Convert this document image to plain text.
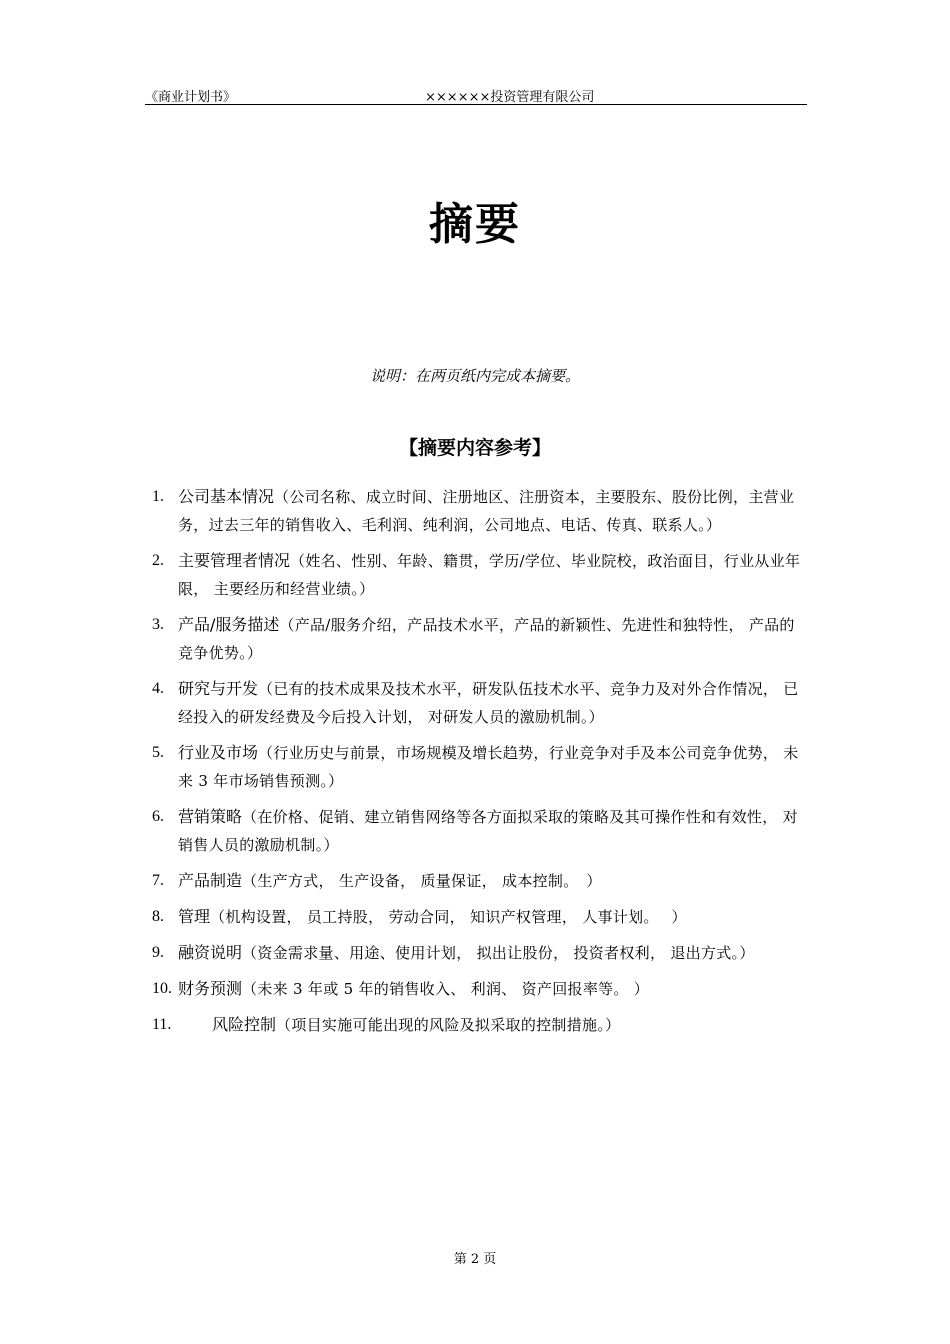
《商业计划书》	××××××投资管理有限公司
摘要
说明：在两页纸内完成本摘要。
【摘要内容参考】
1. 公司基本情况（公司名称、成立时间、注册地区、注册资本，主要股东、股份比例，主营业务，过去三年的销售收入、毛利润、纯利润，公司地点、电话、传真、联系人。）
2. 主要管理者情况（姓名、性别、年龄、籍贯，学历/学位、毕业院校，政治面目，行业从业年限， 主要经历和经营业绩。）
3. 产品/服务描述（产品/服务介绍，产品技术水平，产品的新颖性、先进性和独特性， 产品的竞争优势。）
4. 研究与开发（已有的技术成果及技术水平，研发队伍技术水平、竞争力及对外合作情况， 已经投入的研发经费及今后投入计划， 对研发人员的激励机制。）
5. 行业及市场（行业历史与前景，市场规模及增长趋势，行业竞争对手及本公司竞争优势， 未来 3 年市场销售预测。）
6. 营销策略（在价格、促销、建立销售网络等各方面拟采取的策略及其可操作性和有效性， 对销售人员的激励机制。）
7. 产品制造（生产方式， 生产设备， 质量保证， 成本控制。　）
8. 管理（机构设置， 员工持股， 劳动合同， 知识产权管理， 人事计划。　 ）
9. 融资说明（资金需求量、用途、使用计划， 拟出让股份， 投资者权利， 退出方式。）
10. 财务预测（未来 3 年或 5 年的销售收入、 利润、 资产回报率等。 ）
11.	风险控制（项目实施可能出现的风险及拟采取的控制措施。）
第 2 页
